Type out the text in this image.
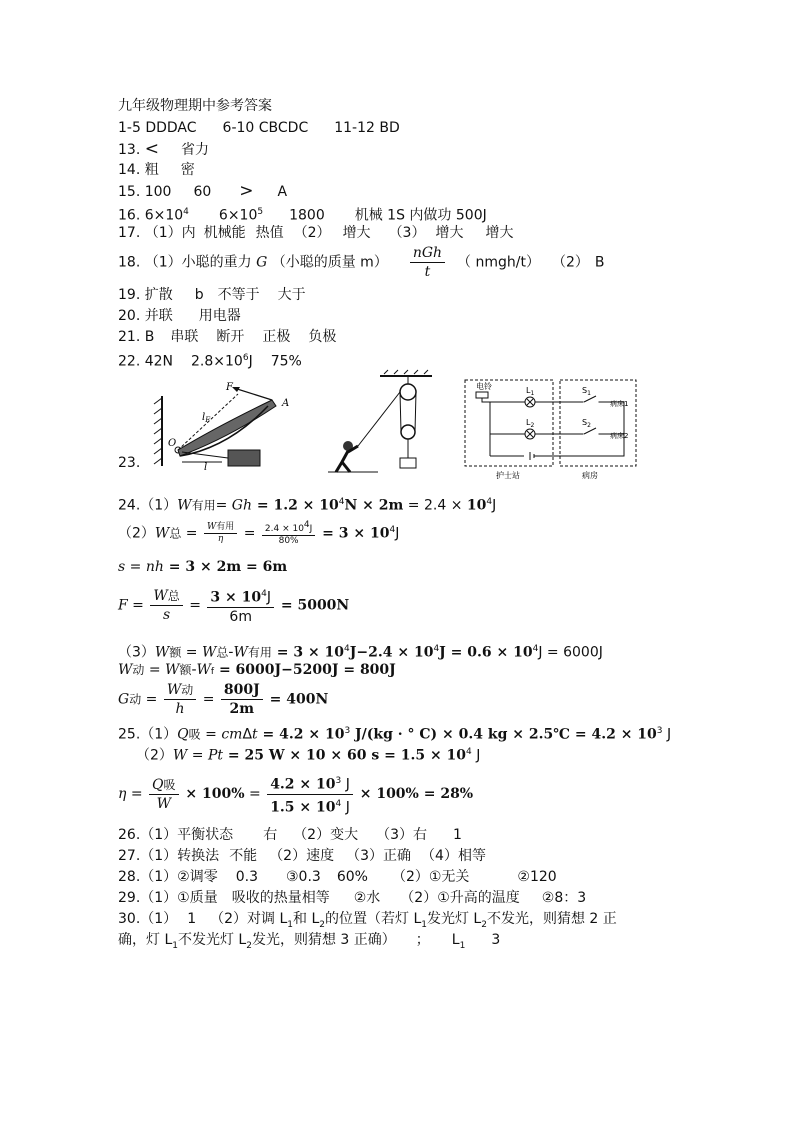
九年级物理期中参考答案
1-5 DDDAC 6-10 CBCDC 11-12 BD
13. < 省力
14. 粗 密
15. 100 60 > A
16. $6\times 10^4$ $6\times 10^5$ 1800 机械 1S 内做功 500J
17. （1）内 机械能 热值 （2） 增大 （3） 增大 增大
18. （1）小聪的重力 G （小聪的质量 $m) \frac{\text{nGh}}{t}$ （ nmgh/t） （2） B
19. 扩散 b 不等于 大于
20. 并联 用电器
21. B 串联 断开 正极 负极
22. 42N $2.8\times 10^6J$ 75%
23.
F
A
O
$l_F$
l
电铃	$L_1$
$L_2$
$S_1$
$S_2$
病床1
病床2
护士站	病房
24.（1）W有用= $Gh = 1.2 \times 10^4N \times 2m = 2.4 \times 10^4J$
（2）W总 = $\frac{\text{W有用}}{\eta} = \frac{2.4 \times 10^4J}{80\%} = 3 \times 10^4J$
s = nh = 3 × 2m = 6m
$F = \frac{\text{W总}}{s} = \frac{3 \times 10^4J}{6m} = 5000N$
（3）W额 = W总-W有用 = $3 \times 10^4J-2.4 \times 10^4J = 0.6 \times 10^4J = 6000J$
W动 = W额-Wf = 6000J−5200J = 800J
G动 = $\frac{\text{W动}}{h} = \frac{800J}{2m} = 400N$
25.（1）Q吸 = $cm\Delta t = 4.2 \times 10^3$ J/(kg · ° C) × 0.4 kg × 2.5℃ = $4.2 \times 10^3$ J
（2）W = Pt = 25 W × 10 × 60 $s = 1.5 \times 10^4$ J
$\eta = \frac{\text{Q吸}}{W} \times 100\% = \frac{4.2 \times 10^3 J}{1.5 \times 10^4 J} \times 100\% = 28\%$
26.（1）平衡状态 右 （2）变大 （3）右 1
27.（1）转换法 不能 （2）速度 （3）正确 （4）相等
28.（1）②调零 0.3 ③0.3 60% （2）①无关	②120
29.（1）①质量 吸收的热量相等 ②水 （2）①升高的温度 ②8：3
30.（1） 1 （2）对调 $L_1$和 $L_2$的位置（若灯 $L_1$发光灯 $L_2$不发光，则猜想 2 正
确，灯 $L_1$不发光灯 $L_2$发光，则猜想 3 正确） ； $L_1$ 3
